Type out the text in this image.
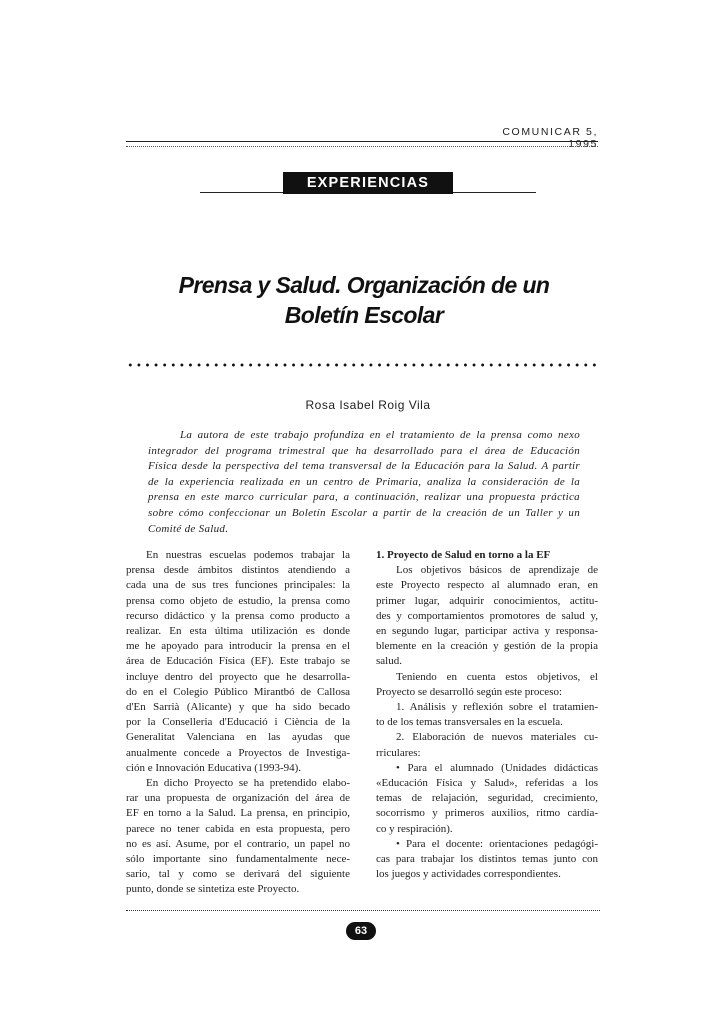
COMUNICAR 5, 1995
EXPERIENCIAS
Prensa y Salud. Organización de un
Boletín Escolar
Rosa Isabel Roig Vila
La autora de este trabajo profundiza en el tratamiento de la prensa como nexo
integrador del programa trimestral que ha desarrollado para el área de Educación
Física desde la perspectiva del tema transversal de la Educación para la Salud. A partir
de la experiencia realizada en un centro de Primaria, analiza la consideración de la
prensa en este marco curricular para, a continuación, realizar una propuesta práctica
sobre cómo confeccionar un Boletín Escolar a partir de la creación de un Taller y un
Comité de Salud.
En nuestras escuelas podemos trabajar la
prensa desde ámbitos distintos atendiendo a
cada una de sus tres funciones principales: la
prensa como objeto de estudio, la prensa como
recurso didáctico y la prensa como producto a
realizar. En esta última utilización es donde
me he apoyado para introducir la prensa en el
área de Educación Física (EF). Este trabajo se
incluye dentro del proyecto que he desarrolla-
do en el Colegio Público Mirantbó de Callosa
d'En Sarrià (Alicante) y que ha sido becado
por la Conselleria d'Educació i Ciència de la
Generalitat Valenciana en las ayudas que
anualmente concede a Proyectos de Investiga-
ción e Innovación Educativa (1993-94).
En dicho Proyecto se ha pretendido elabo-
rar una propuesta de organización del área de
EF en torno a la Salud. La prensa, en principio,
parece no tener cabida en esta propuesta, pero
no es así. Asume, por el contrario, un papel no
sólo importante sino fundamentalmente nece-
sario, tal y como se derivará del siguiente
punto, donde se sintetiza este Proyecto.
1. Proyecto de Salud en torno a la EF
Los objetivos básicos de aprendizaje de
este Proyecto respecto al alumnado eran, en
primer lugar, adquirir conocimientos, actitu-
des y comportamientos promotores de salud y,
en segundo lugar, participar activa y responsa-
blemente en la creación y gestión de la propia
salud.
Teniendo en cuenta estos objetivos, el
Proyecto se desarrolló según este proceso:
1. Análisis y reflexión sobre el tratamien-
to de los temas transversales en la escuela.
2. Elaboración de nuevos materiales cu-
rriculares:
• Para el alumnado (Unidades didácticas
«Educación Física y Salud», referidas a los
temas de relajación, seguridad, crecimiento,
socorrismo y primeros auxilios, ritmo cardía-
co y respiración).
• Para el docente: orientaciones pedagógi-
cas para trabajar los distintos temas junto con
los juegos y actividades correspondientes.
63
